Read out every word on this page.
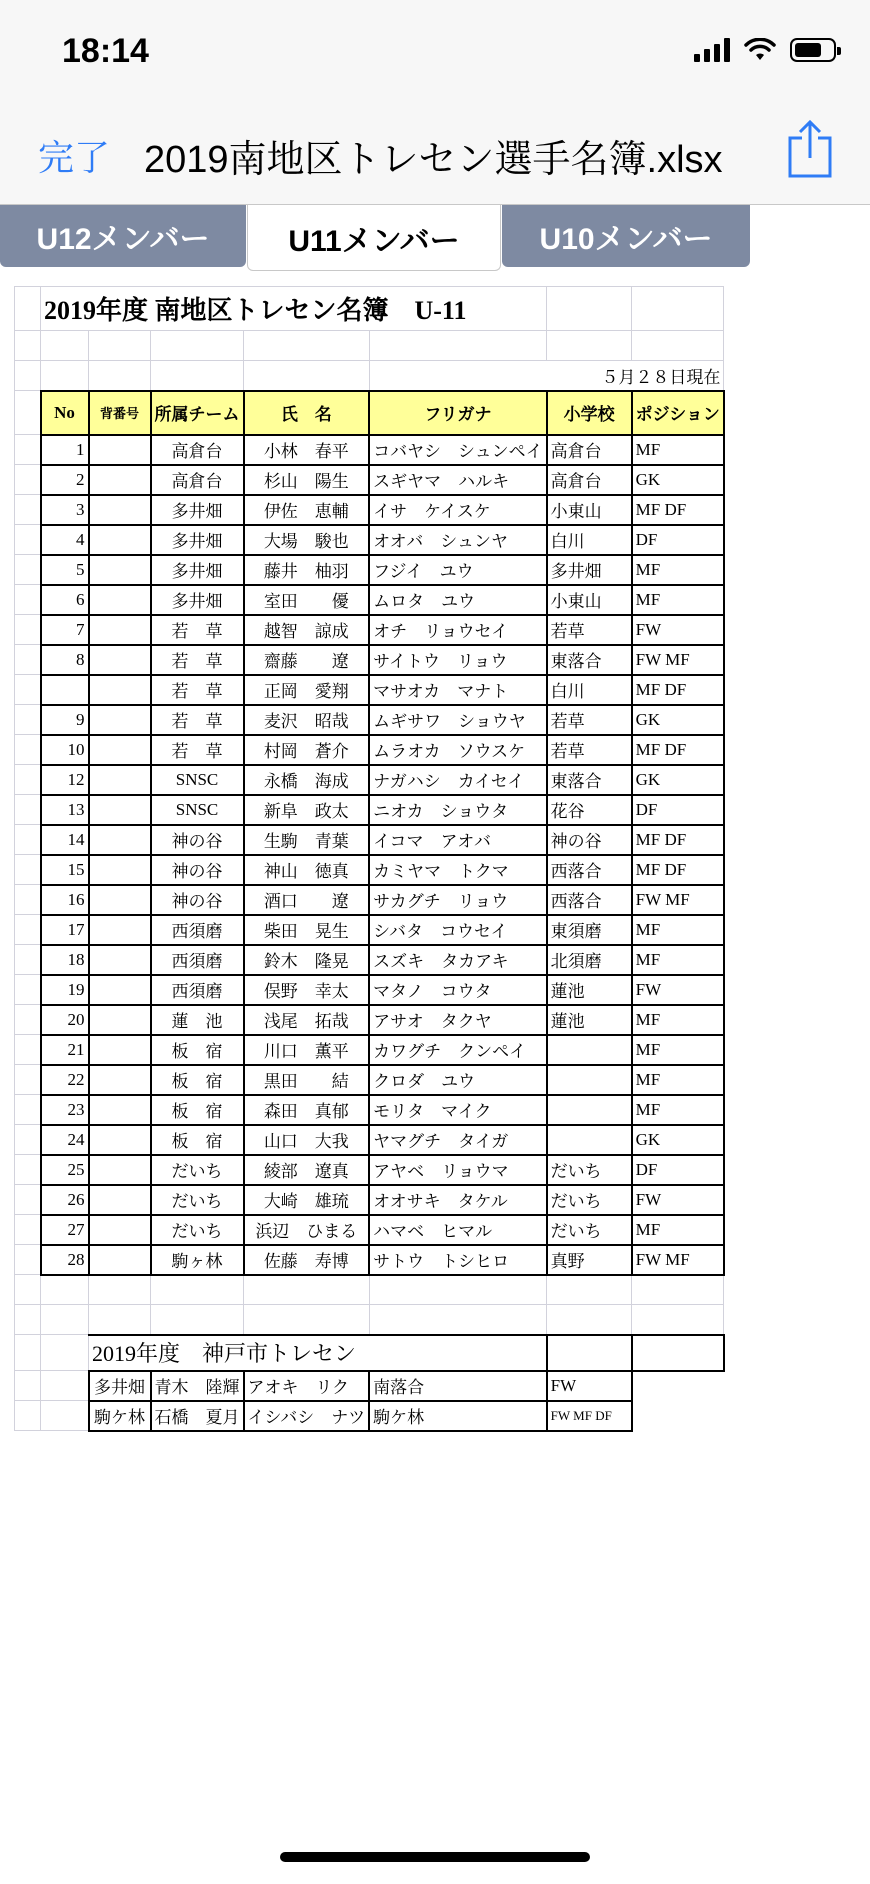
18:14
完了 2019南地区トレセン選手名簿.xlsx
U12メンバー	U11メンバー	U10メンバー
	2019年度 南地区トレセン名簿　U-11						

					５月２８日現在		
	No	背番号	所属チーム	氏　名	フリガナ	小学校	ポジション
	1		高倉台	小林　春平	コバヤシ　シュンペイ	高倉台	MF
	2		高倉台	杉山　陽生	スギヤマ　ハルキ	高倉台	GK
	3		多井畑	伊佐　恵輔	イサ　ケイスケ	小東山	MF DF
	4		多井畑	大場　駿也	オオバ　シュンヤ	白川	DF
	5		多井畑	藤井　柚羽	フジイ　ユウ	多井畑	MF
	6		多井畑	室田　　優	ムロタ　ユウ	小東山	MF
	7		若　草	越智　諒成	オチ　リョウセイ	若草	FW
	8		若　草	齋藤　　遼	サイトウ　リョウ	東落合	FW MF
			若　草	正岡　愛翔	マサオカ　マナト	白川	MF DF
	9		若　草	麦沢　昭哉	ムギサワ　ショウヤ	若草	GK
	10		若　草	村岡　蒼介	ムラオカ　ソウスケ	若草	MF DF
	12		SNSC	永橋　海成	ナガハシ　カイセイ	東落合	GK
	13		SNSC	新阜　政太	ニオカ　ショウタ	花谷	DF
	14		神の谷	生駒　青葉	イコマ　アオバ	神の谷	MF DF
	15		神の谷	神山　徳真	カミヤマ　トクマ	西落合	MF DF
	16		神の谷	酒口　　遼	サカグチ　リョウ	西落合	FW MF
	17		西須磨	柴田　晃生	シバタ　コウセイ	東須磨	MF
	18		西須磨	鈴木　隆晃	スズキ　タカアキ	北須磨	MF
	19		西須磨	俣野　幸太	マタノ　コウタ	蓮池	FW
	20		蓮　池	浅尾　拓哉	アサオ　タクヤ	蓮池	MF
	21		板　宿	川口　薫平	カワグチ　クンペイ		MF
	22		板　宿	黒田　　結	クロダ　ユウ		MF
	23		板　宿	森田　真郁	モリタ　マイク		MF
	24		板　宿	山口　大我	ヤマグチ　タイガ		GK
	25		だいち	綾部　遼真	アヤベ　リョウマ	だいち	DF
	26		だいち	大崎　雄琉	オオサキ　タケル	だいち	FW
	27		だいち	浜辺　ひまる	ハマベ　ヒマル	だいち	MF
	28		駒ヶ林	佐藤　寿博	サトウ　トシヒロ	真野	FW MF

		2019年度　神戸市トレセン					
		多井畑	青木　陸輝	アオキ　リク	南落合	FW	
		駒ケ林	石橋　夏月	イシバシ　ナツ	駒ケ林	FW MF DF	
